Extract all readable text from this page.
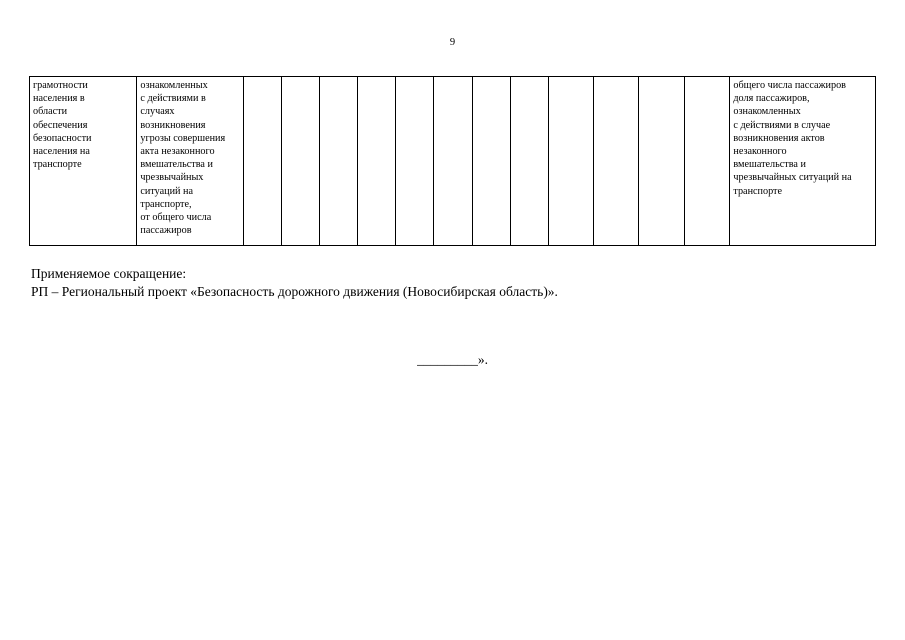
9
грамотности
населения в
области
обеспечения
безопасности
населения на
транспорте	ознакомленных
с действиями в
случаях
возникновения
угрозы совершения
акта незаконного
вмешательства и
чрезвычайных
ситуаций на
транспорте,
от общего числа
пассажиров													общего числа пассажиров
доля пассажиров,
ознакомленных
с действиями в случае
возникновения актов
незаконного
вмешательства и
чрезвычайных ситуаций на
транспорте
Применяемое сокращение:
РП – Региональный проект «Безопасность дорожного движения (Новосибирская область)».
_________».
